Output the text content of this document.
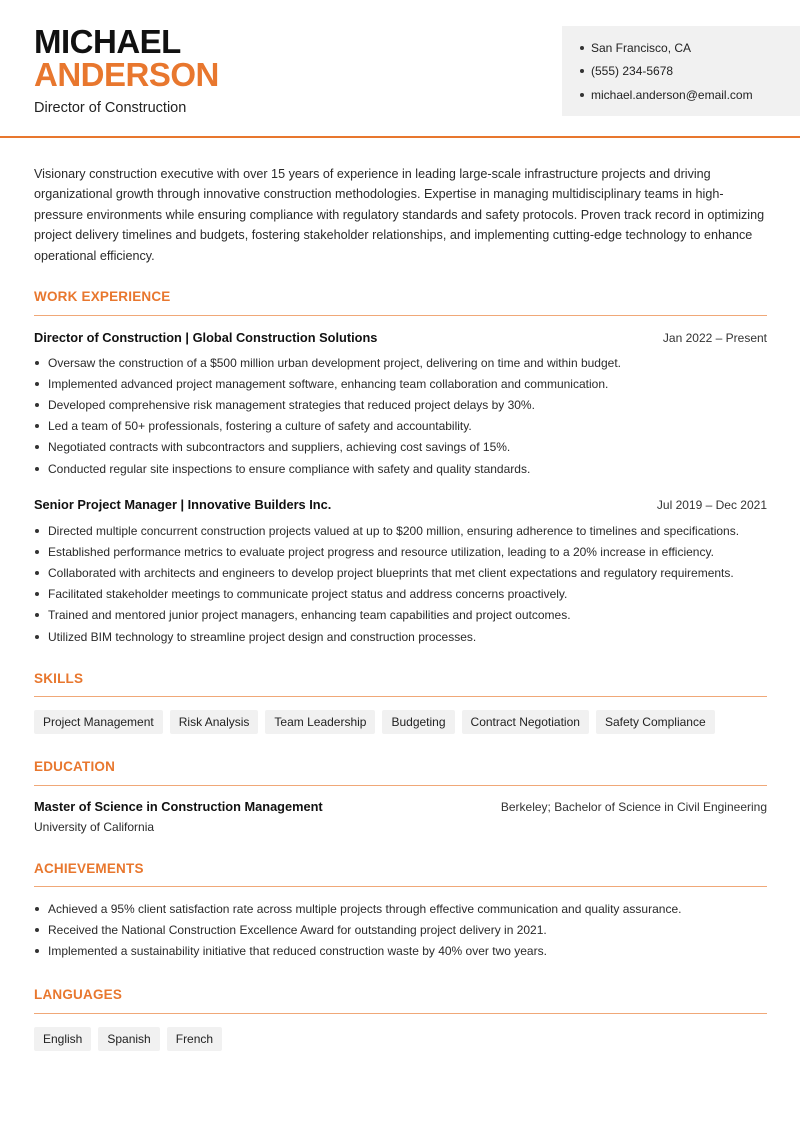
MICHAEL
ANDERSON
Director of Construction
San Francisco, CA
(555) 234-5678
michael.anderson@email.com

Visionary construction executive with over 15 years of experience in leading large-scale infrastructure projects and driving organizational growth through innovative construction methodologies. Expertise in managing multidisciplinary teams in high-pressure environments while ensuring compliance with regulatory standards and safety protocols. Proven track record in optimizing project delivery timelines and budgets, fostering stakeholder relationships, and implementing cutting-edge technology to enhance operational efficiency.

WORK EXPERIENCE
Director of Construction | Global Construction Solutions	Jan 2022 – Present
Oversaw the construction of a $500 million urban development project, delivering on time and within budget.
Implemented advanced project management software, enhancing team collaboration and communication.
Developed comprehensive risk management strategies that reduced project delays by 30%.
Led a team of 50+ professionals, fostering a culture of safety and accountability.
Negotiated contracts with subcontractors and suppliers, achieving cost savings of 15%.
Conducted regular site inspections to ensure compliance with safety and quality standards.
Senior Project Manager | Innovative Builders Inc.	Jul 2019 – Dec 2021
Directed multiple concurrent construction projects valued at up to $200 million, ensuring adherence to timelines and specifications.
Established performance metrics to evaluate project progress and resource utilization, leading to a 20% increase in efficiency.
Collaborated with architects and engineers to develop project blueprints that met client expectations and regulatory requirements.
Facilitated stakeholder meetings to communicate project status and address concerns proactively.
Trained and mentored junior project managers, enhancing team capabilities and project outcomes.
Utilized BIM technology to streamline project design and construction processes.
SKILLS
Project Management	Risk Analysis	Team Leadership	Budgeting	Contract Negotiation	Safety Compliance
EDUCATION
Master of Science in Construction Management	Berkeley; Bachelor of Science in Civil Engineering
University of California
ACHIEVEMENTS
Achieved a 95% client satisfaction rate across multiple projects through effective communication and quality assurance.
Received the National Construction Excellence Award for outstanding project delivery in 2021.
Implemented a sustainability initiative that reduced construction waste by 40% over two years.
LANGUAGES
English	Spanish	French
